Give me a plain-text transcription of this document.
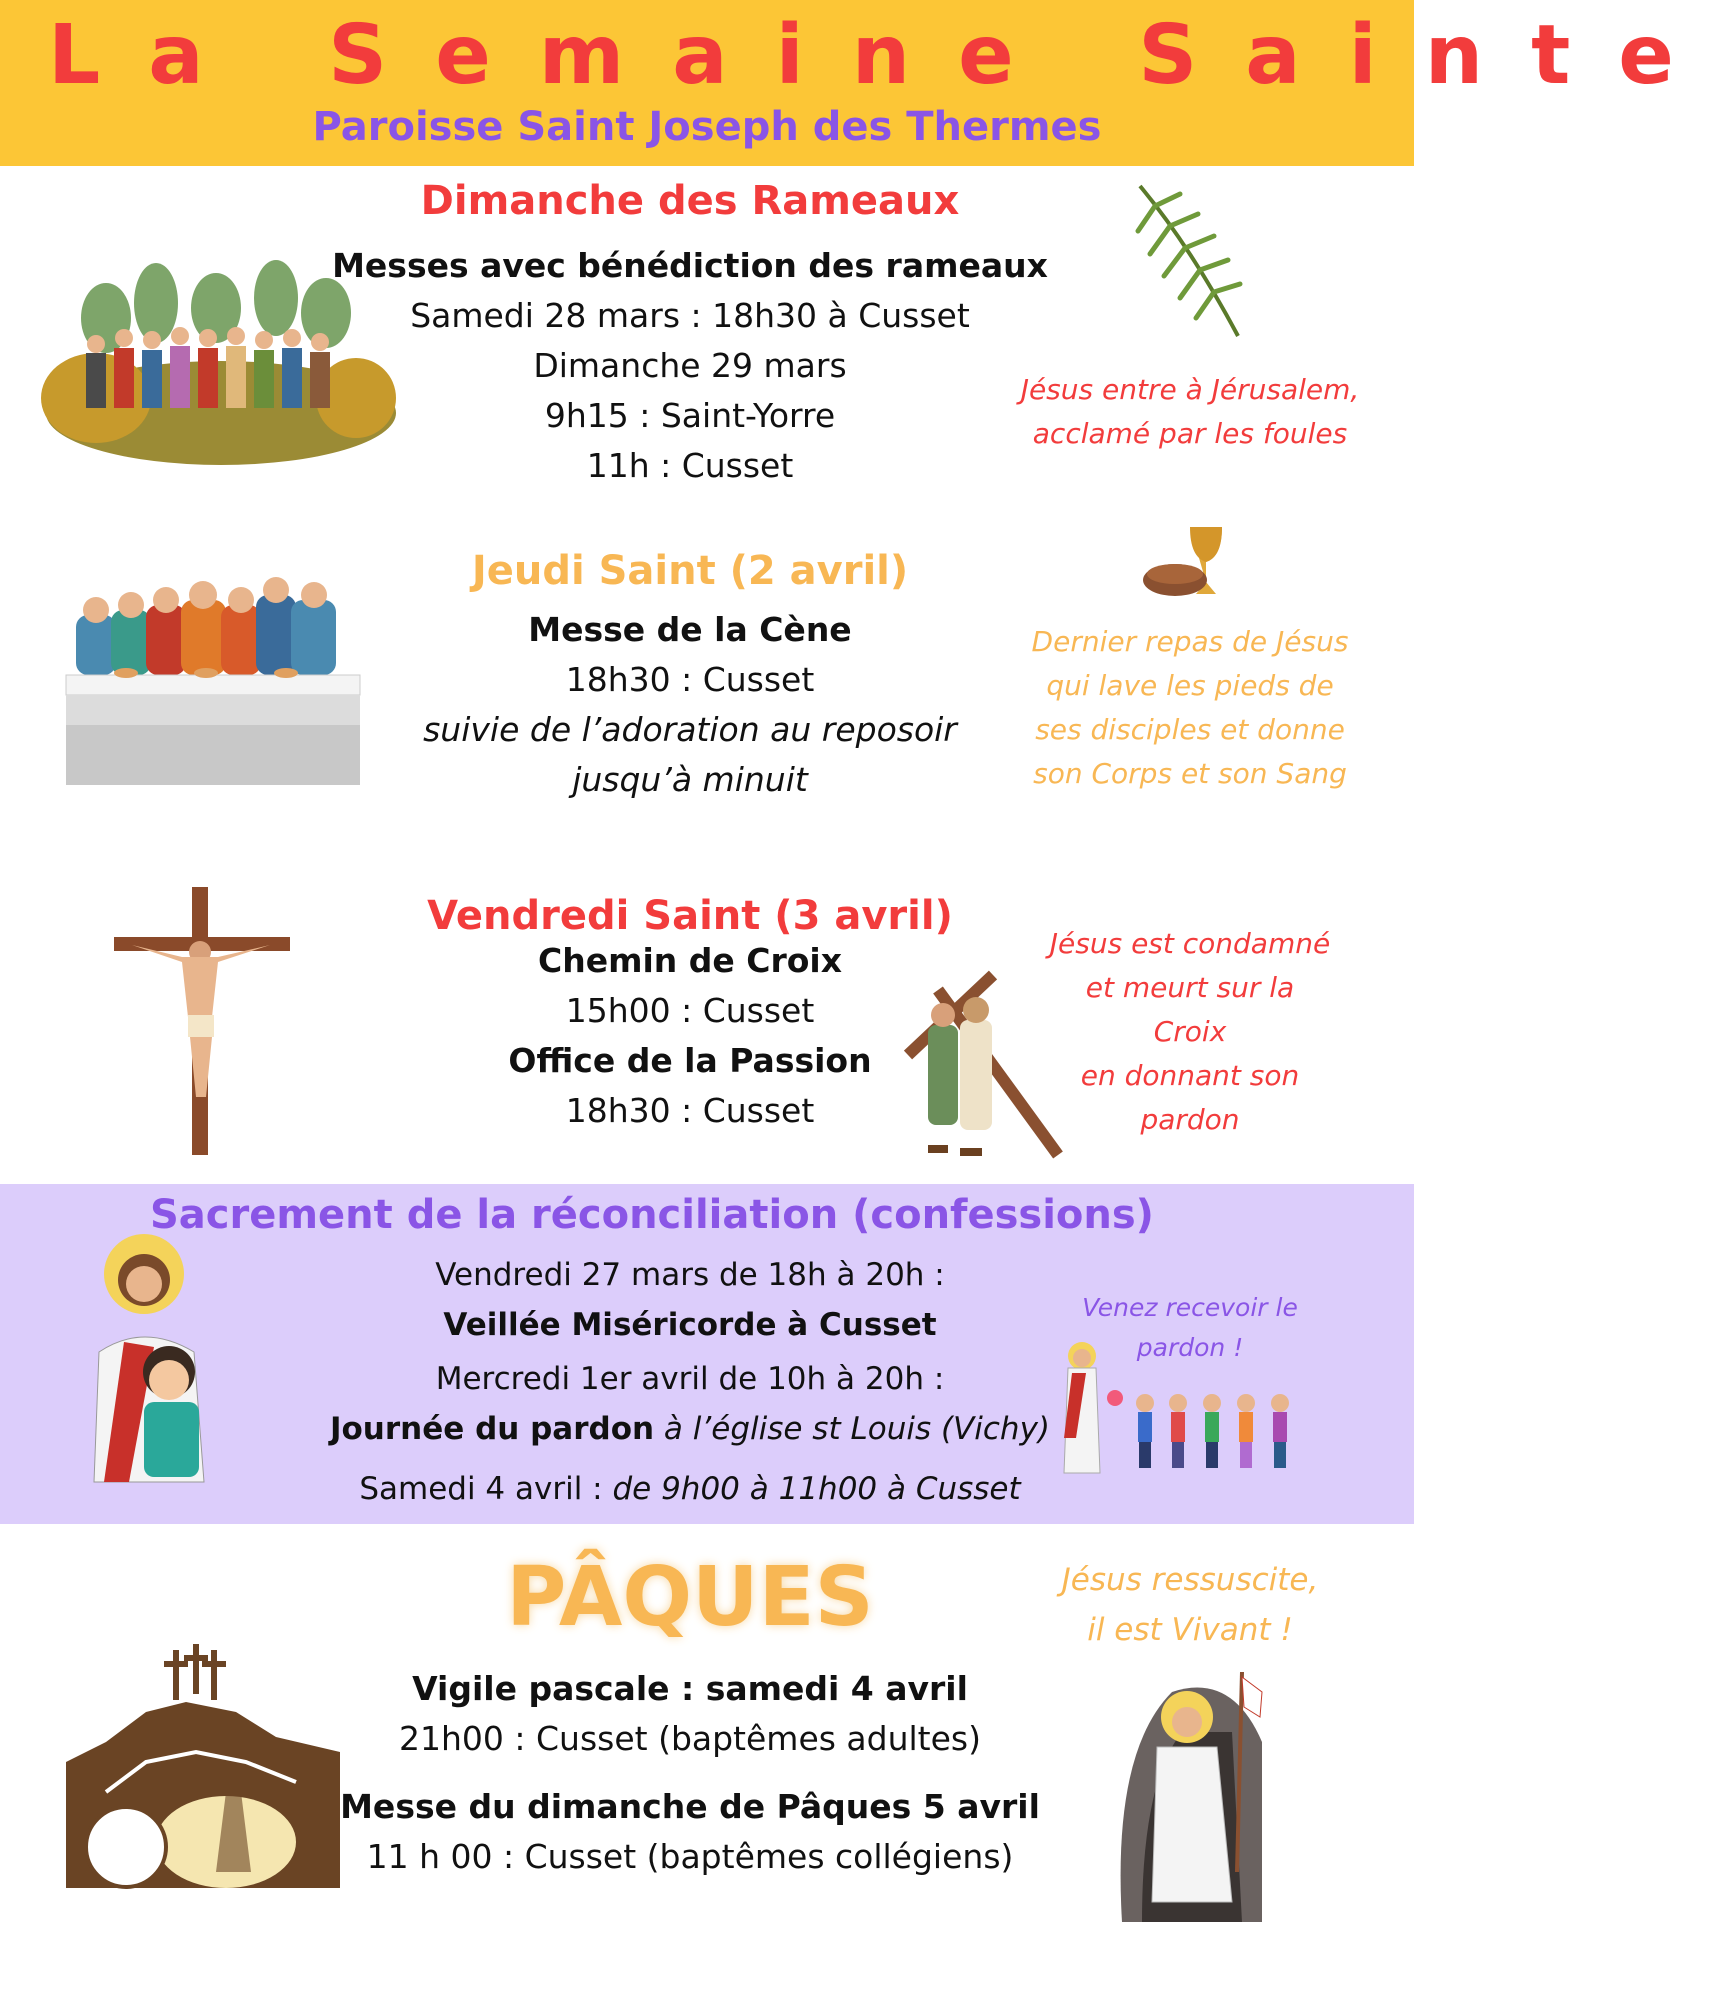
La Semaine Sainte
Paroisse Saint Joseph des Thermes
Dimanche des Rameaux
Messes avec bénédiction des rameaux
Samedi 28 mars : 18h30 à Cusset
Dimanche 29 mars
9h15 : Saint-Yorre
11h : Cusset
Jésus entre à Jérusalem,
acclamé par les foules
Jeudi Saint (2 avril)
Messe de la Cène
18h30 : Cusset
suivie de l’adoration au reposoir
jusqu’à minuit
Dernier repas de Jésus
qui lave les pieds de
ses disciples et donne
son Corps et son Sang
Vendredi Saint (3 avril)
Chemin de Croix
15h00 : Cusset
Office de la Passion
18h30 : Cusset
Jésus est condamné
et meurt sur la
Croix
en donnant son
pardon
Sacrement de la réconciliation (confessions)
Vendredi 27 mars de 18h à 20h :
Veillée Miséricorde à Cusset
Mercredi 1er avril de 10h à 20h :
Journée du pardon à l’église st Louis (Vichy)
Samedi 4 avril : de 9h00 à 11h00 à Cusset
Venez recevoir le
pardon !
PÂQUES
Vigile pascale : samedi 4 avril
21h00 : Cusset (baptêmes adultes)
Messe du dimanche de Pâques 5 avril
11 h 00 : Cusset (baptêmes collégiens)
Jésus ressuscite,
il est Vivant !
